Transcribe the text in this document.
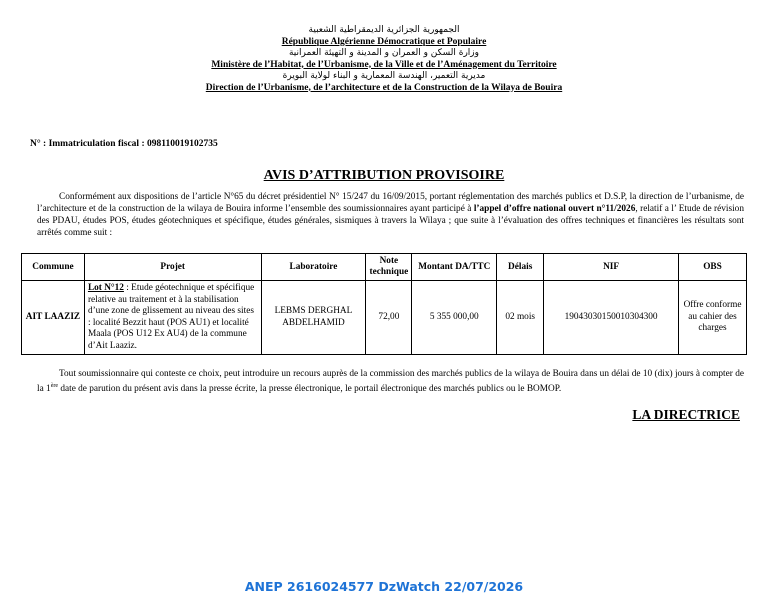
الجمهورية الجزائرية الديمقراطية الشعبية
République Algérienne Démocratique et Populaire
وزارة السكن و العمران و المدينة و التهيئة العمرانية
Ministère de l’Habitat, de l’Urbanisme, de la Ville et de l’Aménagement du Territoire
مديرية التعمير، الهندسة المعمارية و البناء لولاية البويرة
Direction de l’Urbanisme, de l’architecture et de la Construction de la Wilaya de Bouira
N° : Immatriculation fiscal : 098110019102735
AVIS D’ATTRIBUTION PROVISOIRE
Conformément aux dispositions de l’article N°65 du décret présidentiel N° 15/247 du 16/09/2015, portant réglementation des marchés publics et D.S.P, la direction de l’urbanisme, de l’architecture et de la construction de la wilaya de Bouira informe l’ensemble des soumissionnaires ayant participé à l’appel d’offre national ouvert n°11/2026, relatif a l’ Etude de révision des PDAU, études POS, études géotechniques et spécifique, études générales, sismiques à travers la Wilaya ; que suite à l’évaluation des offres techniques et financières les résultats sont arrêtés comme suit :
Commune	Projet	Laboratoire	Note technique	Montant DA/TTC	Délais	NIF	OBS
AIT LAAZIZ	Lot N°12 : Etude géotechnique et spécifique relative au traitement et à la stabilisation d’une zone de glissement au niveau des sites : localité Bezzit haut (POS AU1) et localité Maala (POS U12 Ex AU4) de la commune d’Ait Laaziz.	LEBMS DERGHAL ABDELHAMID	72,00	5 355 000,00	02 mois	19043030150010304300	Offre conforme au cahier des charges
Tout soumissionnaire qui conteste ce choix, peut introduire un recours auprès de la commission des marchés publics de la wilaya de Bouira dans un délai de 10 (dix) jours à compter de la 1ère date de parution du présent avis dans la presse écrite, la presse électronique, le portail électronique des marchés publics ou le BOMOP.
LA DIRECTRICE
ANEP 2616024577 DzWatch 22/07/2026
